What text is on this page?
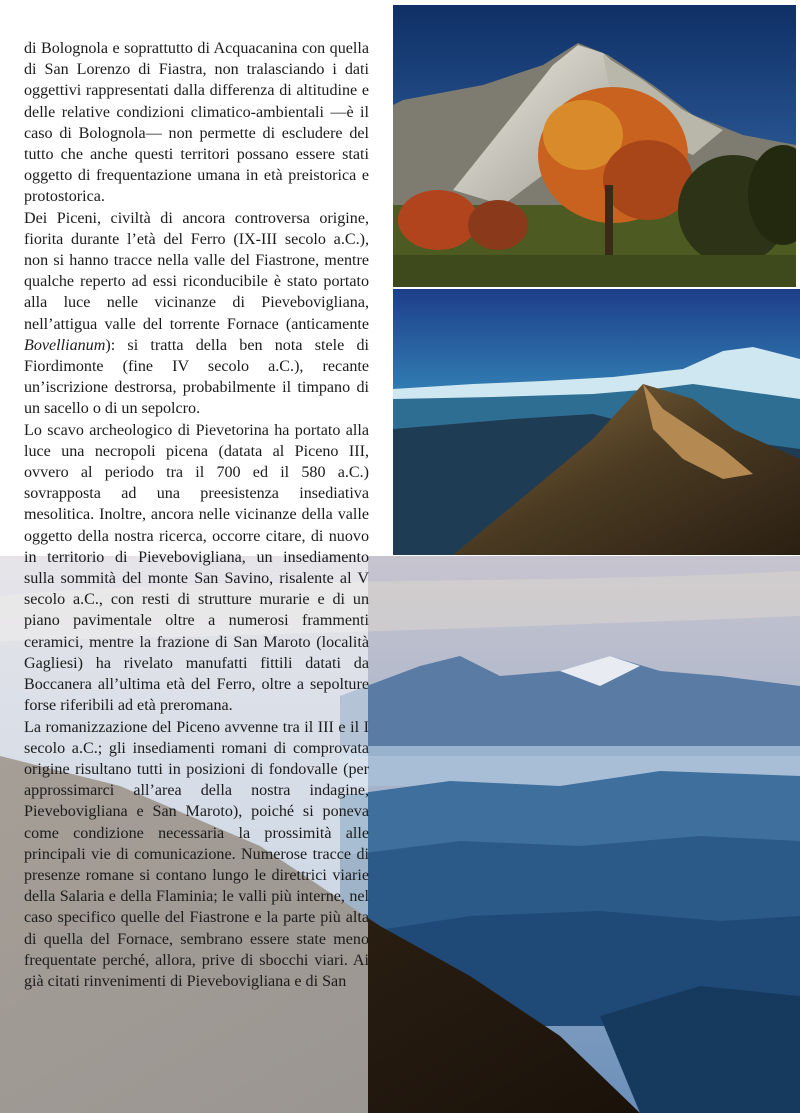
di Bolognola e soprattutto di Acquacanina con quella di San Lorenzo di Fiastra, non tralasciando i dati oggettivi rappresentati dalla differenza di altitudine e delle relative condizioni climatico-ambientali —è il caso di Bolognola— non permette di escludere del tutto che anche questi territori possano essere stati oggetto di frequentazione umana in età preistorica e protostorica.

Dei Piceni, civiltà di ancora controversa origine, fiorita durante l’età del Ferro (IX-III secolo a.C.), non si hanno tracce nella valle del Fiastrone, mentre qualche reperto ad essi riconducibile è stato portato alla luce nelle vicinanze di Pievebovigliana, nell’attigua valle del torrente Fornace (anticamente Bovellianum): si tratta della ben nota stele di Fiordimonte (fine IV secolo a.C.), recante un’iscrizione destrorsa, probabilmente il timpano di un sacello o di un sepolcro.

Lo scavo archeologico di Pievetorina ha portato alla luce una necropoli picena (datata al Piceno III, ovvero al periodo tra il 700 ed il 580 a.C.) sovrapposta ad una preesistenza insediativa mesolitica. Inoltre, ancora nelle vicinanze della valle oggetto della nostra ricerca, occorre citare, di nuovo in territorio di Pievebovigliana, un insediamento sulla sommità del monte San Savino, risalente al V secolo a.C., con resti di strutture murarie e di un piano pavimentale oltre a numerosi frammenti ceramici, mentre la frazione di San Maroto (località Gagliesi) ha rivelato manufatti fittili datati da Boccanera all’ultima età del Ferro, oltre a sepolture forse riferibili ad età preromana.

La romanizzazione del Piceno avvenne tra il III e il I secolo a.C.; gli insediamenti romani di comprovata origine risultano tutti in posizioni di fondovalle (per approssimarci all’area della nostra indagine, Pievebovigliana e San Maroto), poiché si poneva come condizione necessaria la prossimità alle principali vie di comunicazione. Numerose tracce di presenze romane si contano lungo le direttrici viarie della Salaria e della Flaminia; le valli più interne, nel caso specifico quelle del Fiastrone e la parte più alta di quella del Fornace, sembrano essere state meno frequentate perché, allora, prive di sbocchi viari. Ai già citati rinvenimenti di Pievebovigliana e di San
